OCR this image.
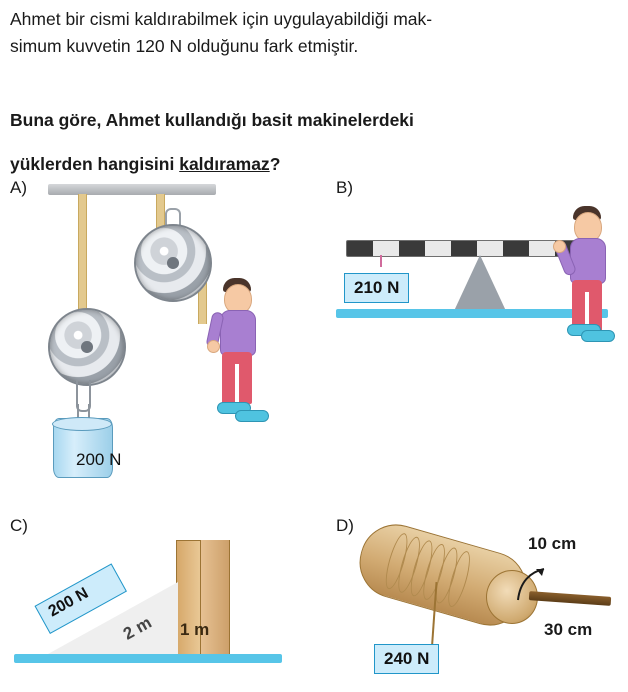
Ahmet bir cismi kaldırabilmek için uygulayabildiği mak-

simum kuvvetin 120 N olduğunu fark etmiştir.

Buna göre, Ahmet kullandığı basit makinelerdeki

yüklerden hangisini kaldıramaz?

A)	B)
C)	D)
200 N
210 N
200 N
2 m 1 m
10 cm
30 cm
240 N
